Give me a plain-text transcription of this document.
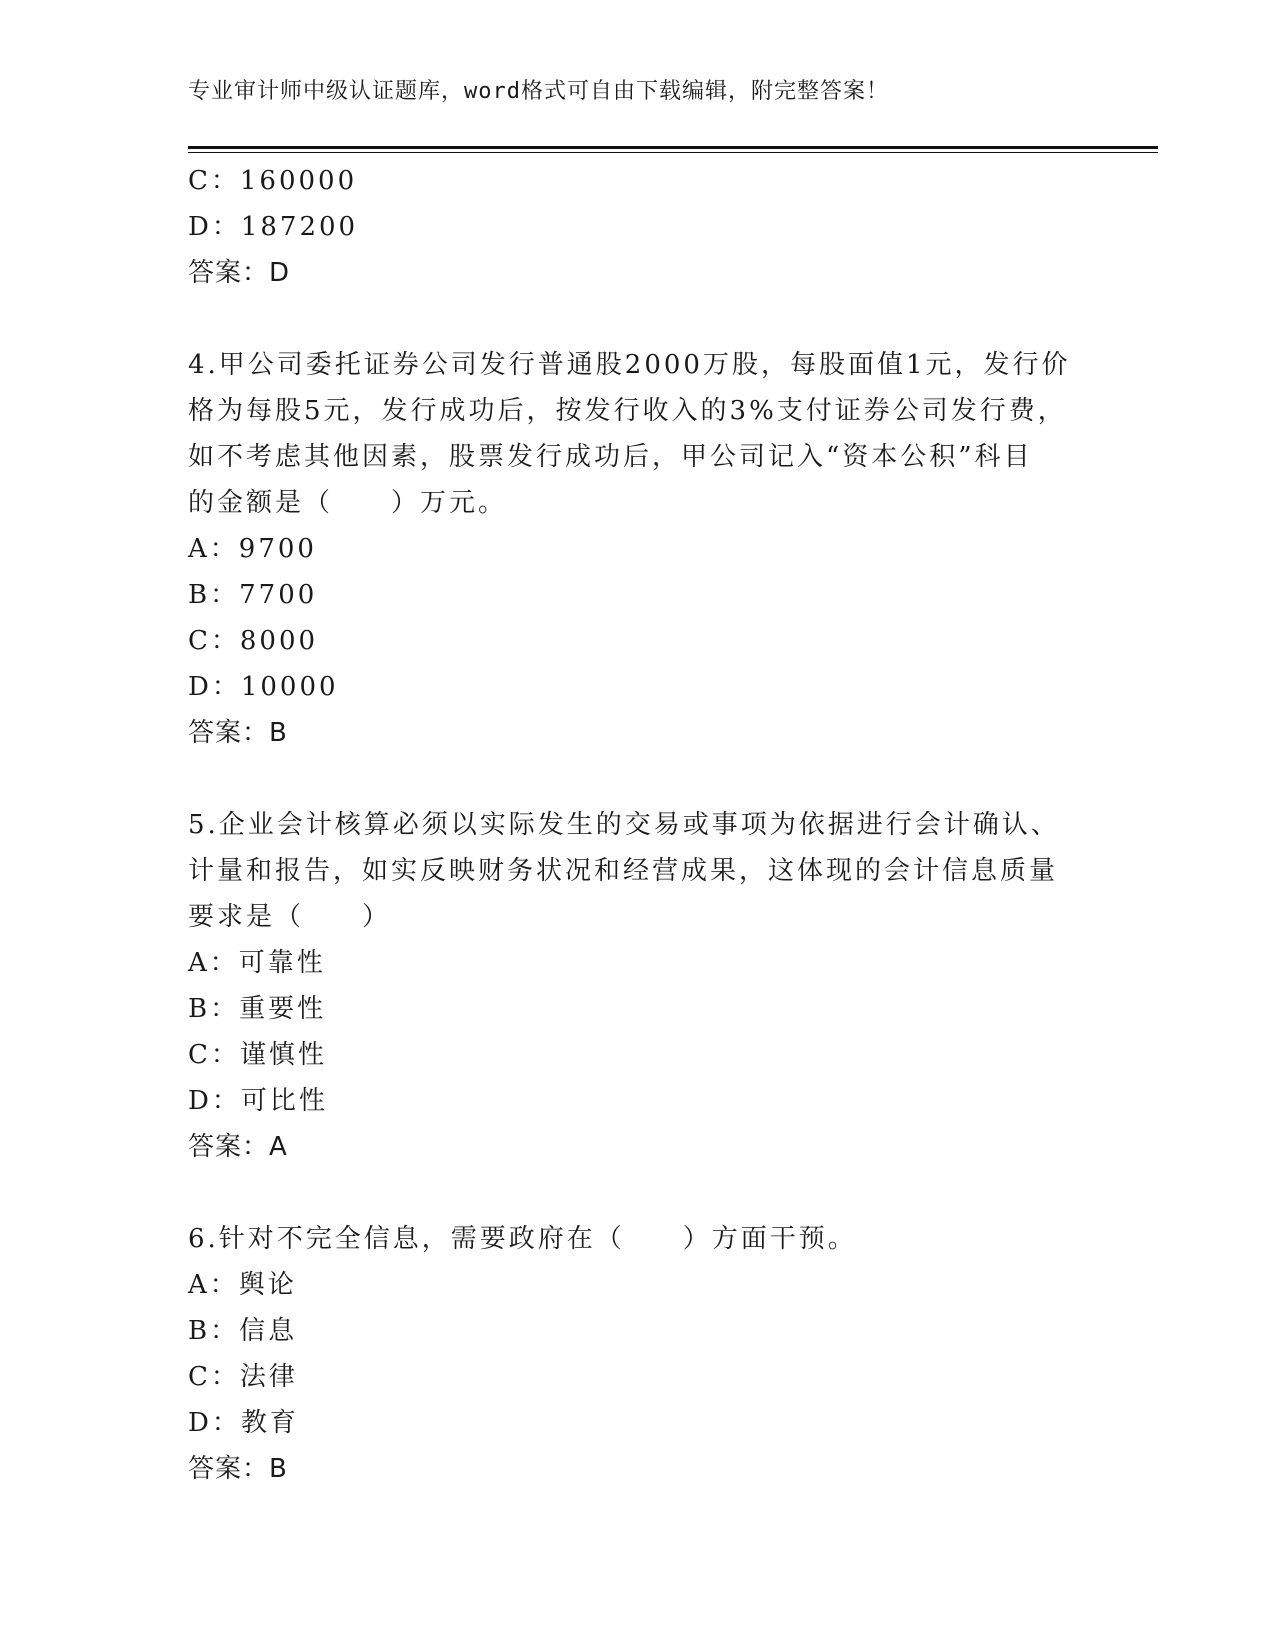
专业审计师中级认证题库，word格式可自由下载编辑，附完整答案！
C：160000
D：187200
答案：D
4.甲公司委托证券公司发行普通股2000万股，每股面值1元，发行价
格为每股5元，发行成功后，按发行收入的3%支付证券公司发行费，
如不考虑其他因素，股票发行成功后，甲公司记入“资本公积”科目
的金额是（　　）万元。
A：9700
B：7700
C：8000
D：10000
答案：B
5.企业会计核算必须以实际发生的交易或事项为依据进行会计确认、
计量和报告，如实反映财务状况和经营成果，这体现的会计信息质量
要求是（　　）
A：可靠性
B：重要性
C：谨慎性
D：可比性
答案：A
6.针对不完全信息，需要政府在（　　）方面干预。
A：舆论
B：信息
C：法律
D：教育
答案：B
